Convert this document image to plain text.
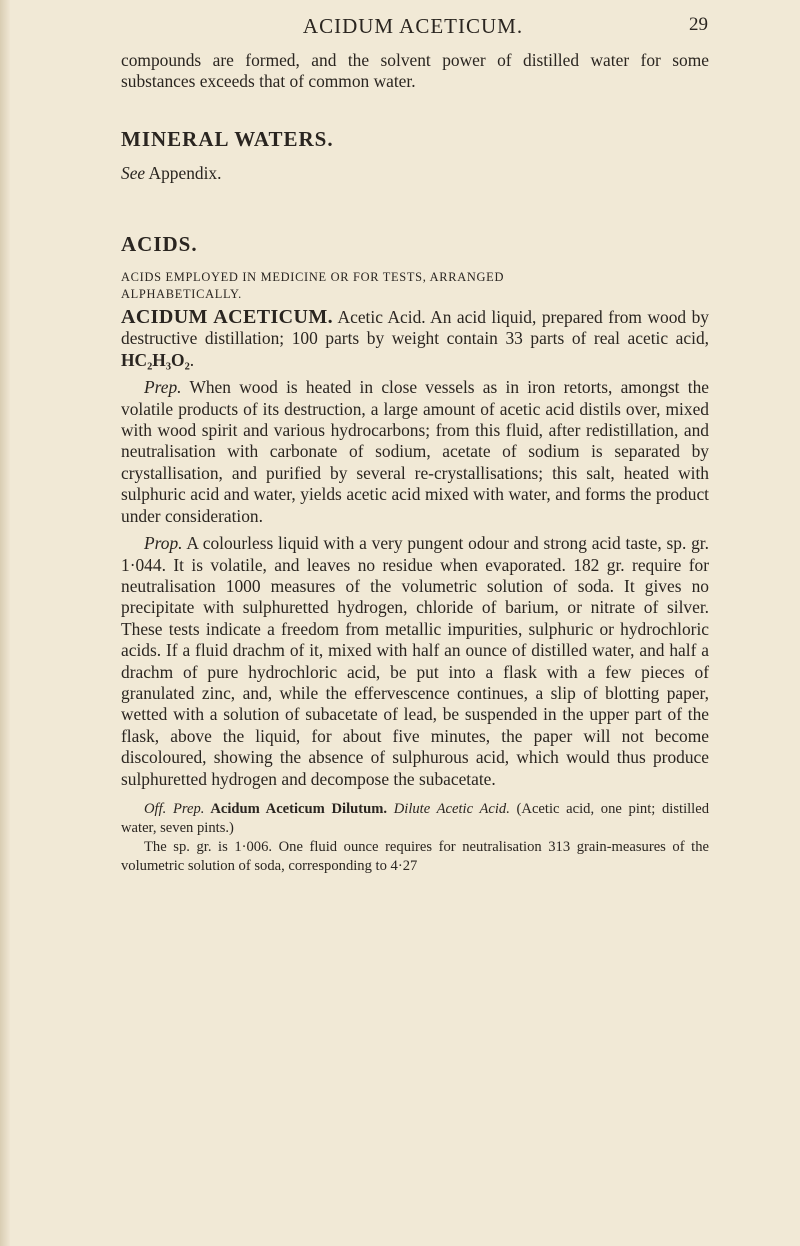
ACIDUM ACETICUM.	29

compounds are formed, and the solvent power of distilled water for some substances exceeds that of common water.

MINERAL WATERS.

See Appendix.

ACIDS.

ACIDS EMPLOYED IN MEDICINE OR FOR TESTS, ARRANGED
ALPHABETICALLY.

ACIDUM ACETICUM. Acetic Acid. An acid liquid, prepared from wood by destructive distillation; 100 parts by weight contain 33 parts of real acetic acid, HC₂H₃O₂.

Prep. When wood is heated in close vessels as in iron retorts, amongst the volatile products of its destruction, a large amount of acetic acid distils over, mixed with wood spirit and various hydrocarbons; from this fluid, after redistillation, and neutralisation with carbonate of sodium, acetate of sodium is separated by crystallisation, and purified by several re-crystallisations; this salt, heated with sulphuric acid and water, yields acetic acid mixed with water, and forms the product under consideration.

Prop. A colourless liquid with a very pungent odour and strong acid taste, sp. gr. 1·044. It is volatile, and leaves no residue when evaporated. 182 gr. require for neutralisation 1000 measures of the volumetric solution of soda. It gives no precipitate with sulphuretted hydrogen, chloride of barium, or nitrate of silver. These tests indicate a freedom from metallic impurities, sulphuric or hydrochloric acids. If a fluid drachm of it, mixed with half an ounce of distilled water, and half a drachm of pure hydrochloric acid, be put into a flask with a few pieces of granulated zinc, and, while the effervescence continues, a slip of blotting paper, wetted with a solution of subacetate of lead, be suspended in the upper part of the flask, above the liquid, for about five minutes, the paper will not become discoloured, showing the absence of sulphurous acid, which would thus produce sulphuretted hydrogen and decompose the subacetate.

Off. Prep. Acidum Aceticum Dilutum. Dilute Acetic Acid. (Acetic acid, one pint; distilled water, seven pints.)

The sp. gr. is 1·006. One fluid ounce requires for neutralisation 313 grain-measures of the volumetric solution of soda, corresponding to 4·27
